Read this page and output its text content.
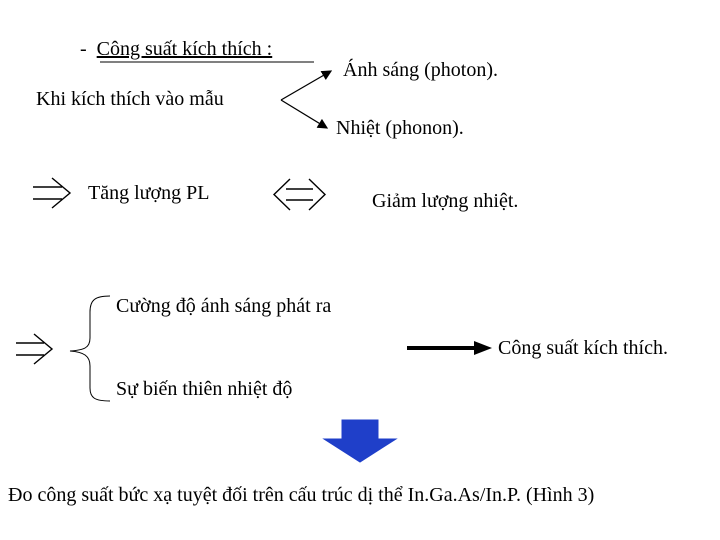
- Công suất kích thích :
Khi kích thích vào mẫu
Ánh sáng (photon).
Nhiệt (phonon).
Tăng lượng PL	Giảm lượng nhiệt.
Cường độ ánh sáng phát ra
Sự biến thiên nhiệt độ
Công suất kích thích.
Đo công suất bức xạ tuyệt đối trên cấu trúc dị thể In.Ga.As/In.P. (Hình 3)
